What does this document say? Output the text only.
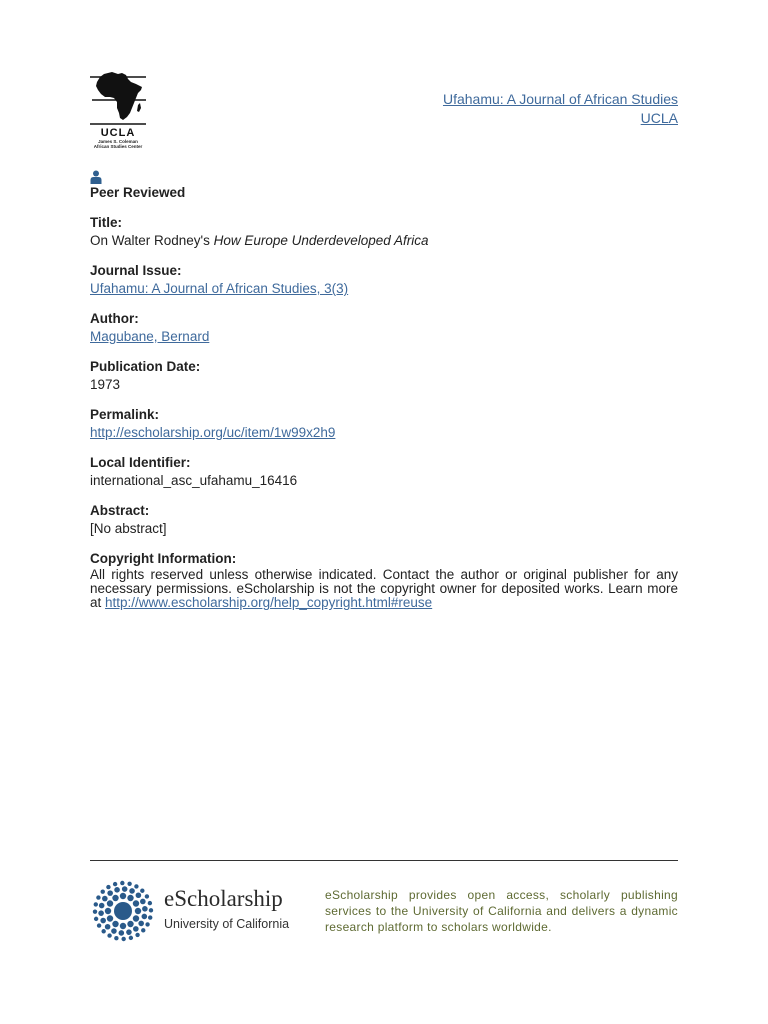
UCLA
James S. Coleman African Studies Center
Ufahamu: A Journal of African Studies
UCLA
Peer Reviewed
Title:
On Walter Rodney's How Europe Underdeveloped Africa
Journal Issue:
Ufahamu: A Journal of African Studies, 3(3)
Author:
Magubane, Bernard
Publication Date:
1973
Permalink:
http://escholarship.org/uc/item/1w99x2h9
Local Identifier:
international_asc_ufahamu_16416
Abstract:
[No abstract]
Copyright Information:
All rights reserved unless otherwise indicated. Contact the author or original publisher for any necessary permissions. eScholarship is not the copyright owner for deposited works. Learn more at http://www.escholarship.org/help_copyright.html#reuse
eScholarship
University of California
eScholarship provides open access, scholarly publishing services to the University of California and delivers a dynamic research platform to scholars worldwide.
